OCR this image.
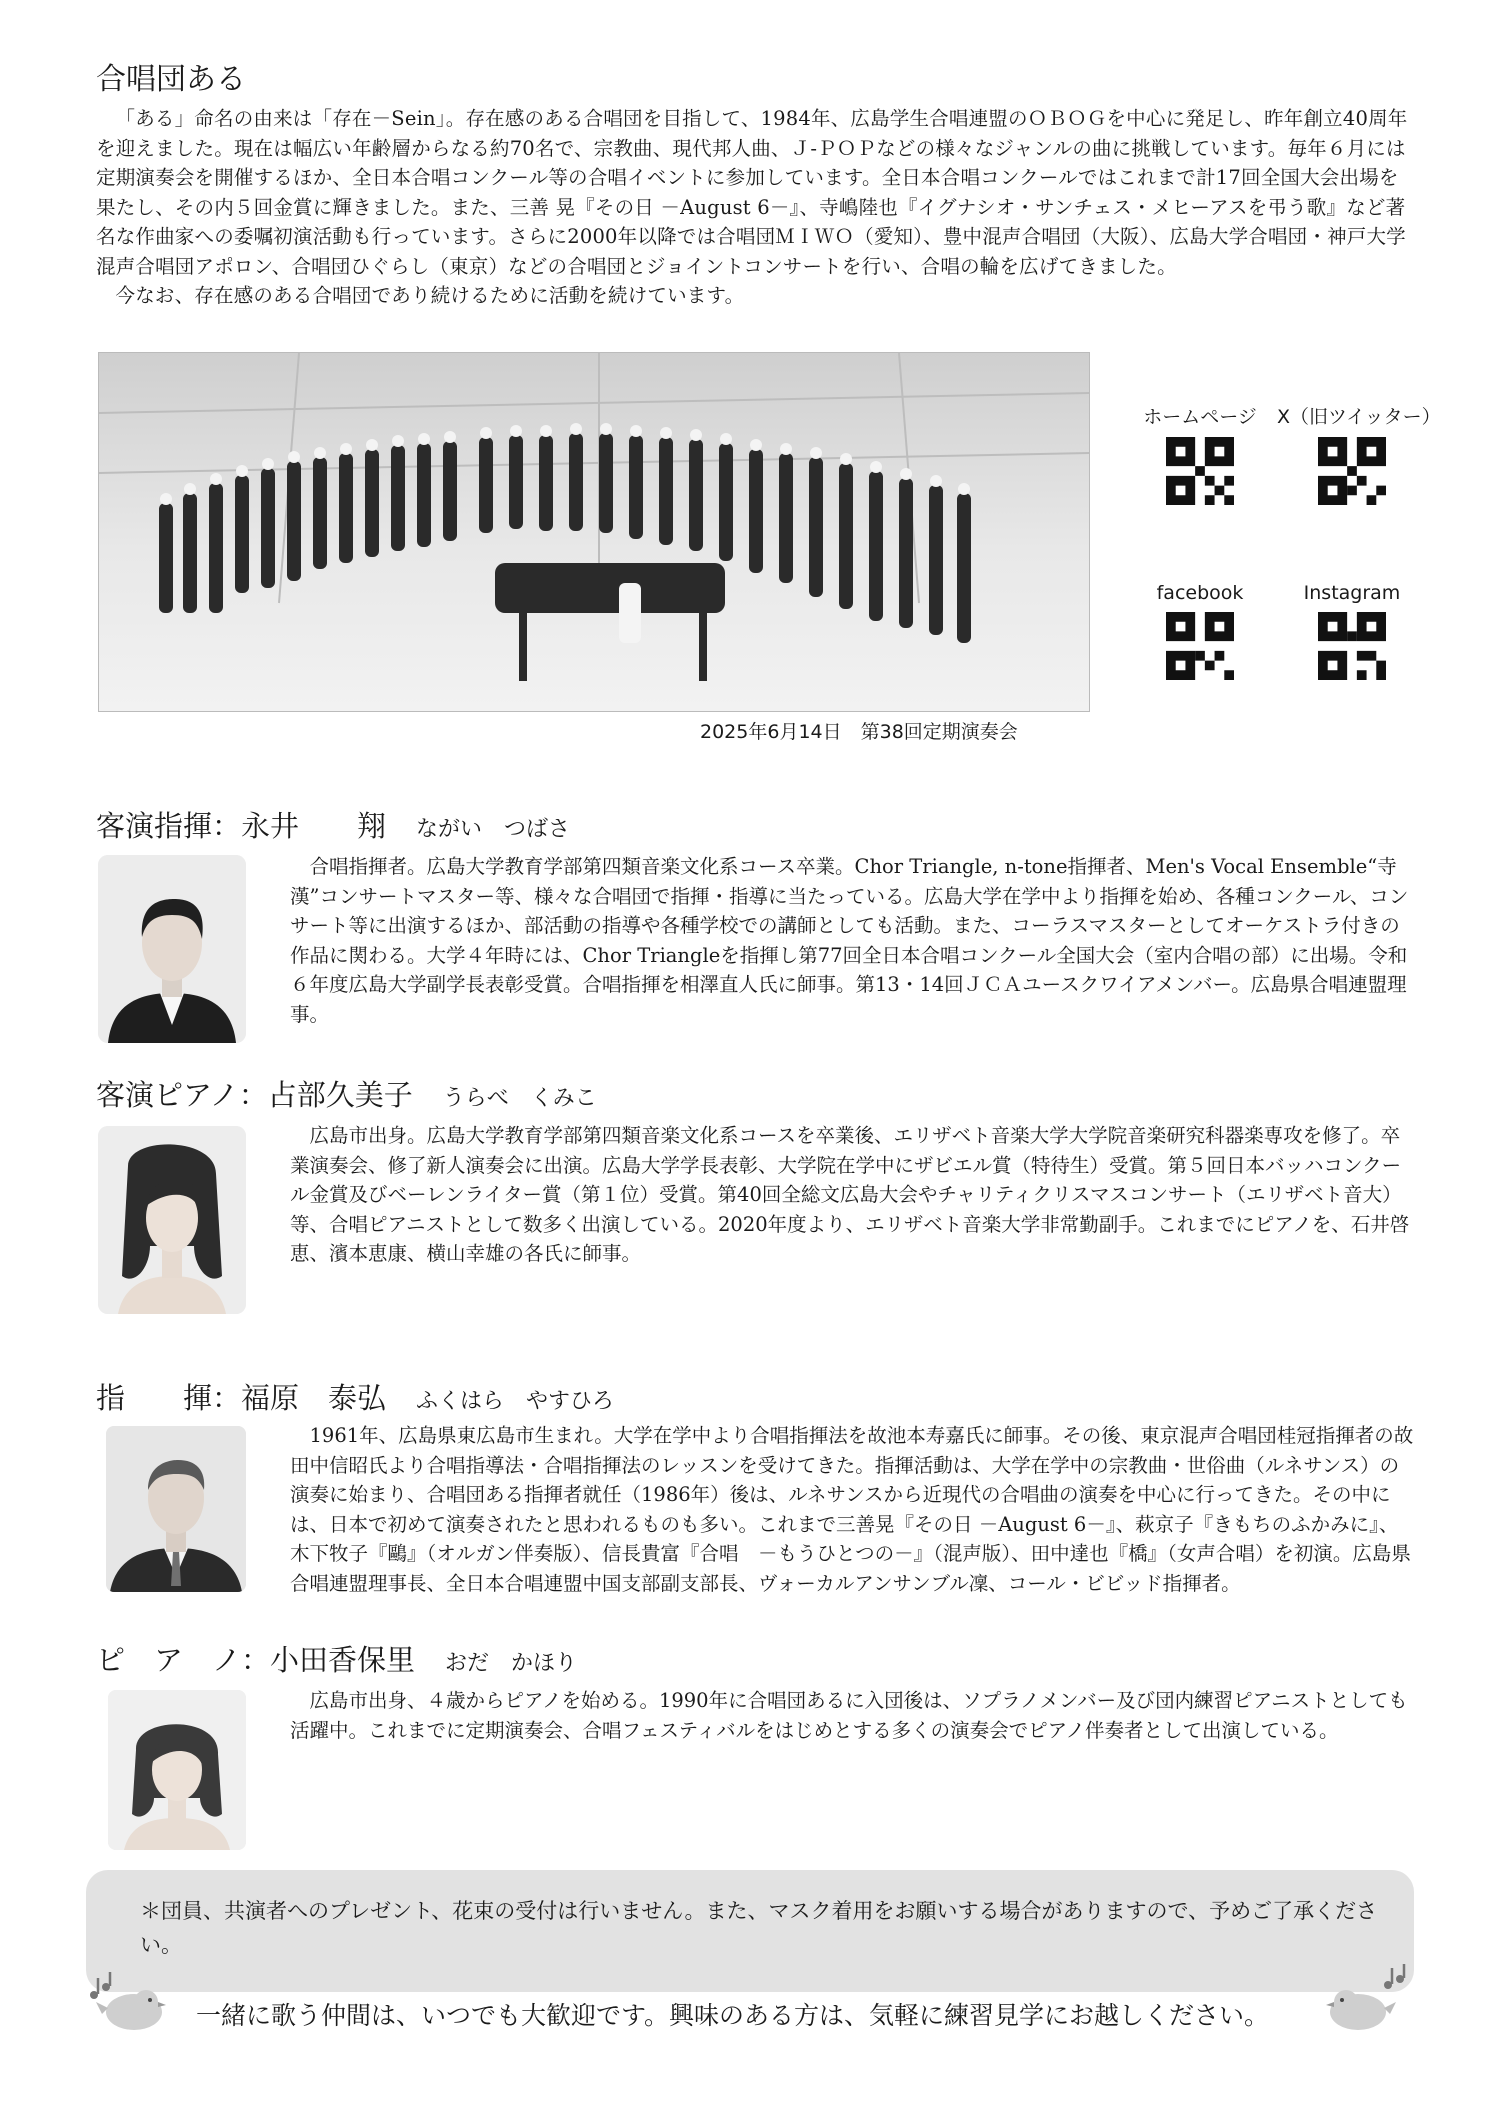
合唱団ある

「ある」命名の由来は「存在－Sein」。存在感のある合唱団を目指して、1984年、広島学生合唱連盟のＯＢＯＧを中心に発足し、昨年創立40周年を迎えました。現在は幅広い年齢層からなる約70名で、宗教曲、現代邦人曲、Ｊ-ＰＯＰなどの様々なジャンルの曲に挑戦しています。毎年６月には定期演奏会を開催するほか、全日本合唱コンクール等の合唱イベントに参加しています。全日本合唱コンクールではこれまで計17回全国大会出場を果たし、その内５回金賞に輝きました。また、三善 晃『その日 －August 6－』、寺嶋陸也『イグナシオ・サンチェス・メヒーアスを弔う歌』など著名な作曲家への委嘱初演活動も行っています。さらに2000年以降では合唱団ＭＩＷＯ（愛知）、豊中混声合唱団（大阪）、広島大学合唱団・神戸大学混声合唱団アポロン、合唱団ひぐらし（東京）などの合唱団とジョイントコンサートを行い、合唱の輪を広げてきました。

今なお、存在感のある合唱団であり続けるために活動を続けています。

2025年6月14日　第38回定期演奏会
ホームページ	X（旧ツイッター）
facebook	Instagram
客演指揮：永井　　翔 ながい　つばさ

合唱指揮者。広島大学教育学部第四類音楽文化系コース卒業。Chor Triangle, n-tone指揮者、Men's Vocal Ensemble“寺漢”コンサートマスター等、様々な合唱団で指揮・指導に当たっている。広島大学在学中より指揮を始め、各種コンクール、コンサート等に出演するほか、部活動の指導や各種学校での講師としても活動。また、コーラスマスターとしてオーケストラ付きの作品に関わる。大学４年時には、Chor Triangleを指揮し第77回全日本合唱コンクール全国大会（室内合唱の部）に出場。令和６年度広島大学副学長表彰受賞。合唱指揮を相澤直人氏に師事。第13・14回ＪＣＡユースクワイアメンバー。広島県合唱連盟理事。

客演ピアノ：占部久美子 うらべ　くみこ

広島市出身。広島大学教育学部第四類音楽文化系コースを卒業後、エリザベト音楽大学大学院音楽研究科器楽専攻を修了。卒業演奏会、修了新人演奏会に出演。広島大学学長表彰、大学院在学中にザビエル賞（特待生）受賞。第５回日本バッハコンクール金賞及びベーレンライター賞（第１位）受賞。第40回全総文広島大会やチャリティクリスマスコンサート（エリザベト音大）等、合唱ピアニストとして数多く出演している。2020年度より、エリザベト音楽大学非常勤副手。これまでにピアノを、石井啓恵、濱本恵康、横山幸雄の各氏に師事。

指　　揮：福原　泰弘 ふくはら　やすひろ

1961年、広島県東広島市生まれ。大学在学中より合唱指揮法を故池本寿嘉氏に師事。その後、東京混声合唱団桂冠指揮者の故田中信昭氏より合唱指導法・合唱指揮法のレッスンを受けてきた。指揮活動は、大学在学中の宗教曲・世俗曲（ルネサンス）の演奏に始まり、合唱団ある指揮者就任（1986年）後は、ルネサンスから近現代の合唱曲の演奏を中心に行ってきた。その中には、日本で初めて演奏されたと思われるものも多い。これまで三善晃『その日 －August 6－』、萩京子『きもちのふかみに』、木下牧子『鷗』（オルガン伴奏版）、信長貴富『合唱　－もうひとつの－』（混声版）、田中達也『橋』（女声合唱）を初演。広島県合唱連盟理事長、全日本合唱連盟中国支部副支部長、ヴォーカルアンサンブル凜、コール・ビビッド指揮者。

ピ　ア　ノ：小田香保里 おだ　かほり

広島市出身、４歳からピアノを始める。1990年に合唱団あるに入団後は、ソプラノメンバー及び団内練習ピアニストとしても活躍中。これまでに定期演奏会、合唱フェスティバルをはじめとする多くの演奏会でピアノ伴奏者として出演している。

＊団員、共演者へのプレゼント、花束の受付は行いません。また、マスク着用をお願いする場合がありますので、予めご了承ください。
一緒に歌う仲間は、いつでも大歓迎です。興味のある方は、気軽に練習見学にお越しください。
